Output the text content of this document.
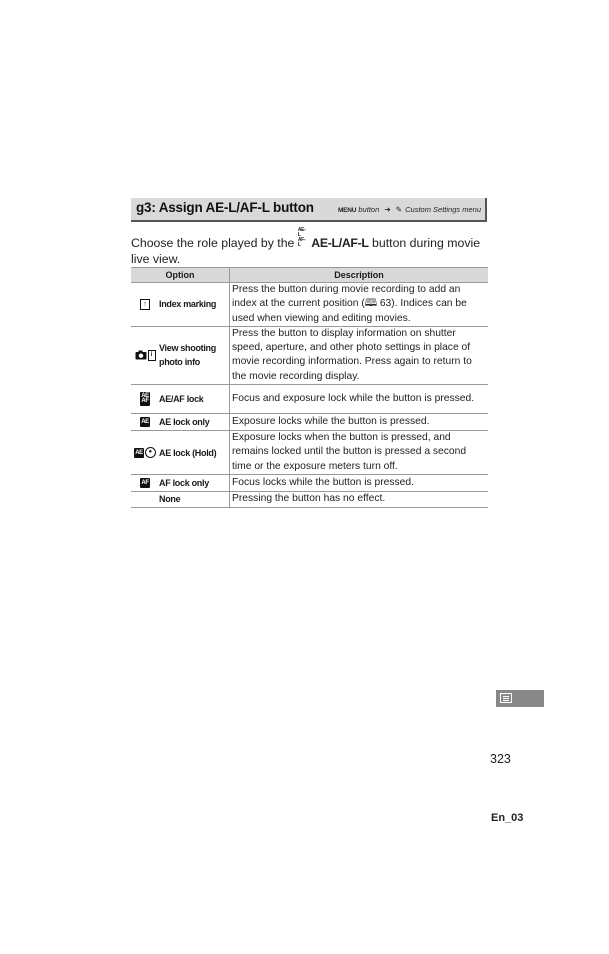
g3: Assign AE-L/AF-L button	MENU button ➜ ✎ Custom Settings menu
Choose the role played by the AE-L AF-L AE-L/AF-L button during movie live view.
Option	Description

↑ Index marking	Press the button during movie recording to add an index at the current position (🕮 63). Indices can be used when viewing and editing movies.

i
View shooting photo info	Press the button to display information on shutter speed, aperture, and other photo settings in place of movie recording information. Press again to return to the movie recording display.

AE AF AE/AF lock	Focus and exposure lock while the button is pressed.

AE AE lock only	Exposure locks while the button is pressed.

AE ● AE lock (Hold)	Exposure locks when the button is pressed, and remains locked until the button is pressed a second time or the exposure meters turn off.

AF AF lock only	Focus locks while the button is pressed.

None	Pressing the button has no effect.
323
En_03
